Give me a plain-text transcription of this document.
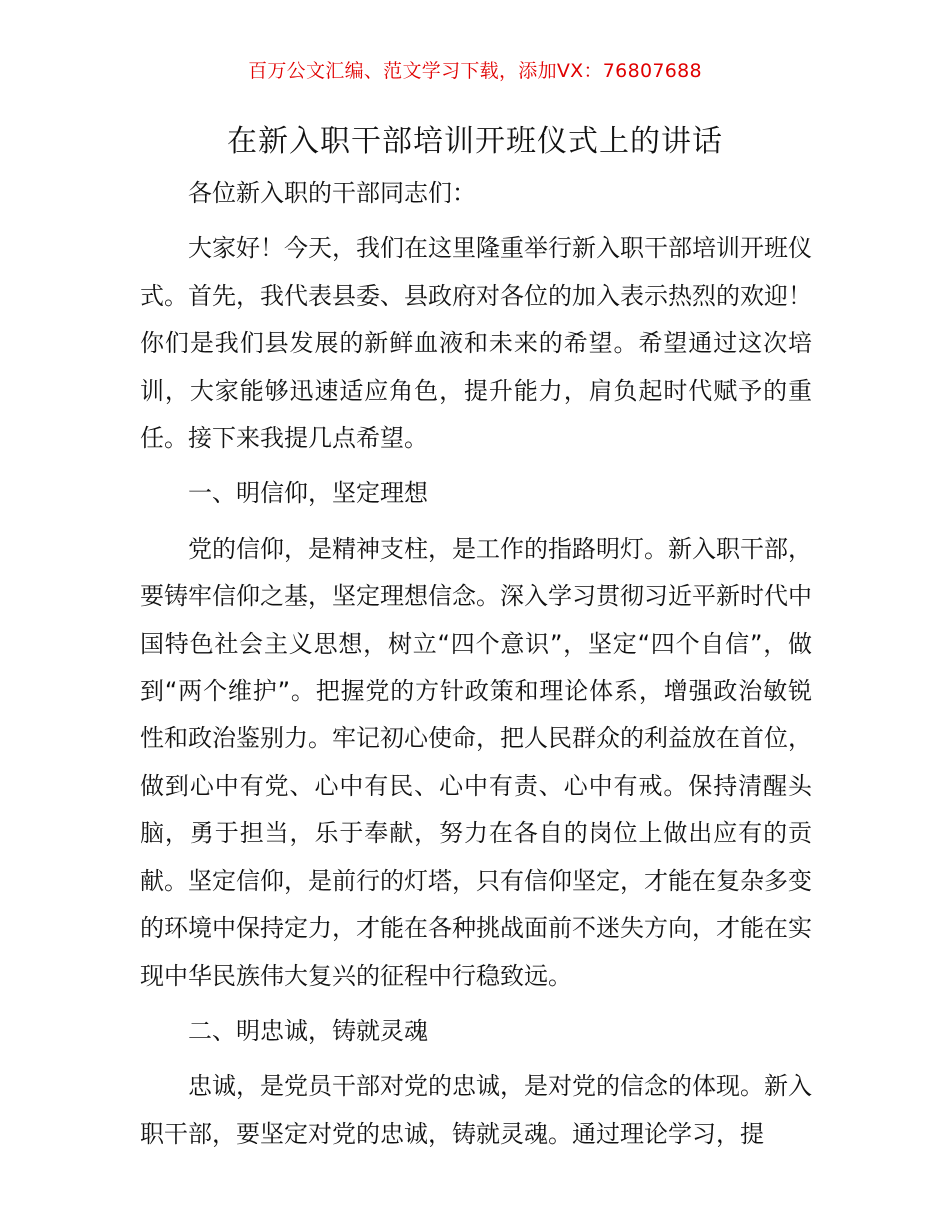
百万公文汇编、范文学习下载，添加VX：76807688
在新入职干部培训开班仪式上的讲话

各位新入职的干部同志们：

大家好！今天，我们在这里隆重举行新入职干部培训开班仪式。首先，我代表县委、县政府对各位的加入表示热烈的欢迎！你们是我们县发展的新鲜血液和未来的希望。希望通过这次培训，大家能够迅速适应角色，提升能力，肩负起时代赋予的重任。接下来我提几点希望。

一、明信仰，坚定理想

党的信仰，是精神支柱，是工作的指路明灯。新入职干部，要铸牢信仰之基，坚定理想信念。深入学习贯彻习近平新时代中国特色社会主义思想，树立“四个意识”，坚定“四个自信”，做到“两个维护”。把握党的方针政策和理论体系，增强政治敏锐性和政治鉴别力。牢记初心使命，把人民群众的利益放在首位，做到心中有党、心中有民、心中有责、心中有戒。保持清醒头脑，勇于担当，乐于奉献，努力在各自的岗位上做出应有的贡献。坚定信仰，是前行的灯塔，只有信仰坚定，才能在复杂多变的环境中保持定力，才能在各种挑战面前不迷失方向，才能在实现中华民族伟大复兴的征程中行稳致远。

二、明忠诚，铸就灵魂

忠诚，是党员干部对党的忠诚，是对党的信念的体现。新入职干部，要坚定对党的忠诚，铸就灵魂。通过理论学习，提
